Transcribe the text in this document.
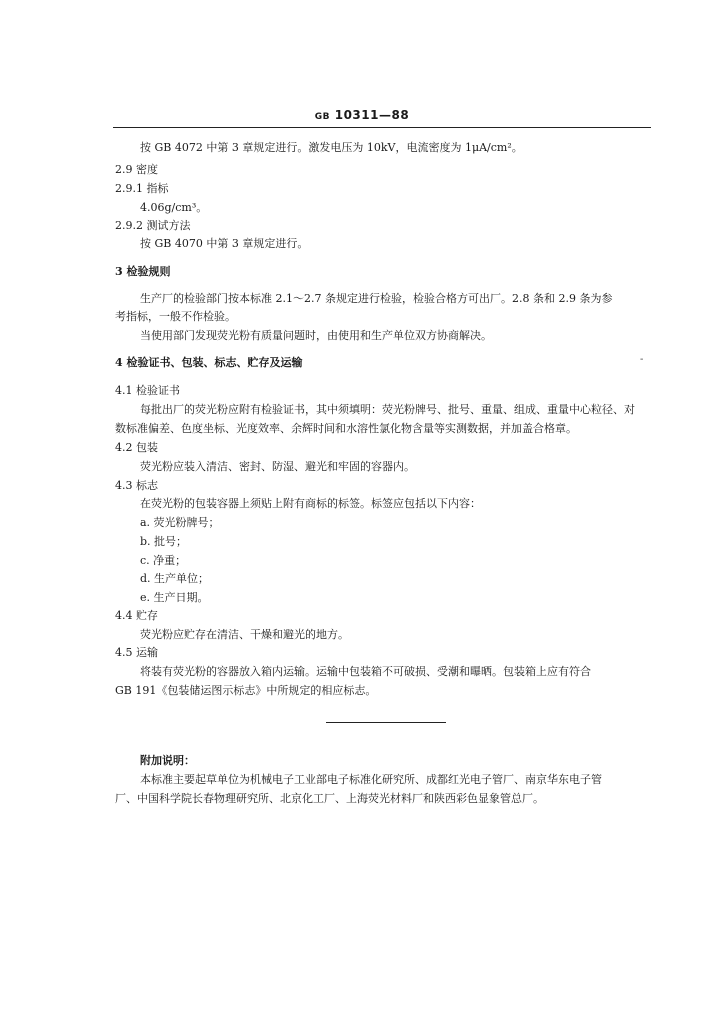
GB 10311—88
按 GB 4072 中第 3 章规定进行。激发电压为 10kV，电流密度为 1μA/cm²。
2.9 密度
2.9.1 指标
4.06g/cm³。
2.9.2 测试方法
按 GB 4070 中第 3 章规定进行。
3 检验规则
生产厂的检验部门按本标准 2.1～2.7 条规定进行检验，检验合格方可出厂。2.8 条和 2.9 条为参
考指标，一般不作检验。
当使用部门发现荧光粉有质量问题时，由使用和生产单位双方协商解决。
4 检验证书、包装、标志、贮存及运输	-
4.1 检验证书
每批出厂的荧光粉应附有检验证书，其中须填明：荧光粉牌号、批号、重量、组成、重量中心粒径、对
数标准偏差、色度坐标、光度效率、余辉时间和水溶性氯化物含量等实测数据，并加盖合格章。
4.2 包装
荧光粉应装入清洁、密封、防湿、避光和牢固的容器内。
4.3 标志
在荧光粉的包装容器上须贴上附有商标的标签。标签应包括以下内容：
a. 荧光粉牌号；
b. 批号；
c. 净重；
d. 生产单位；
e. 生产日期。
4.4 贮存
荧光粉应贮存在清洁、干燥和避光的地方。
4.5 运输
将装有荧光粉的容器放入箱内运输。运输中包装箱不可破损、受潮和曝晒。包装箱上应有符合
GB 191《包装储运图示标志》中所规定的相应标志。
附加说明：
本标准主要起草单位为机械电子工业部电子标准化研究所、成都红光电子管厂、南京华东电子管
厂、中国科学院长春物理研究所、北京化工厂、上海荧光材料厂和陕西彩色显象管总厂。
